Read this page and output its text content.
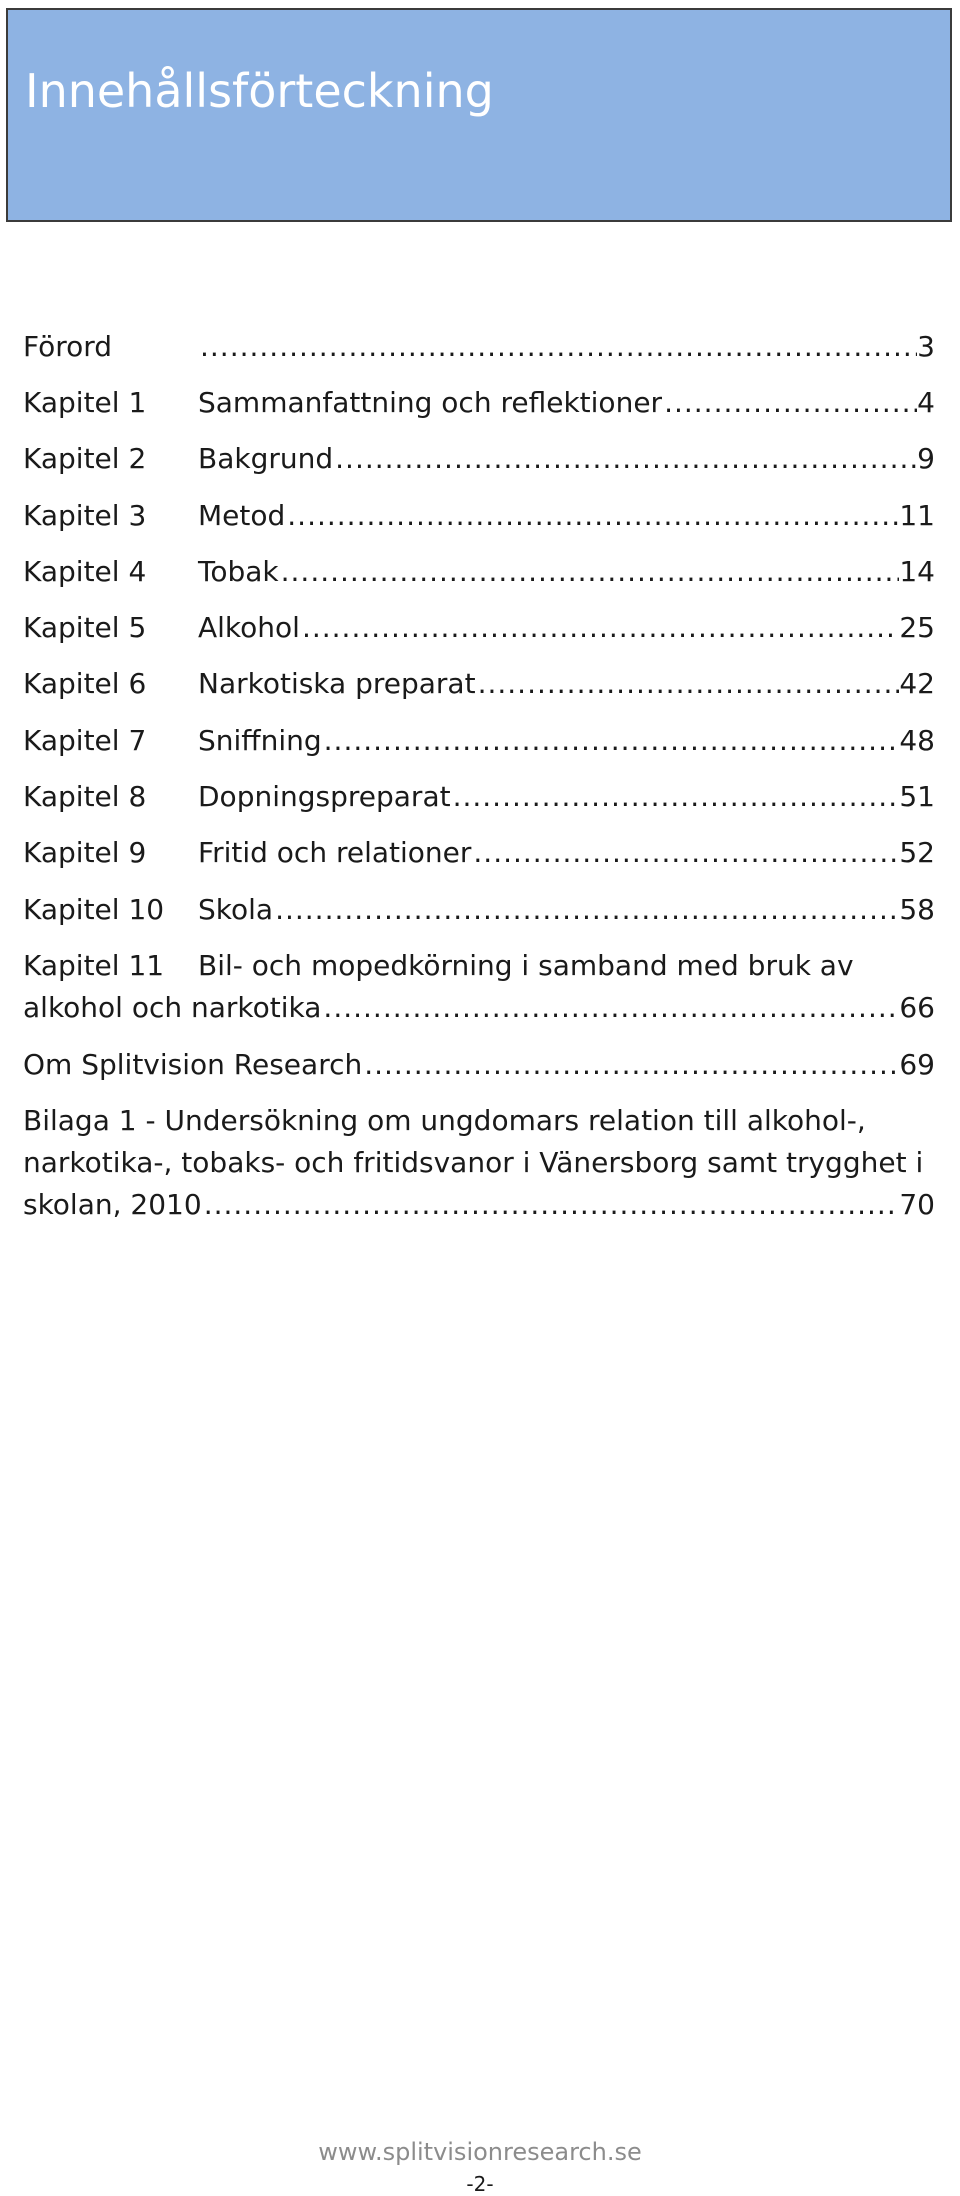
Innehållsförteckning
Förord .....	3
Kapitel 1	Sammanfattning och reflektioner .....	4
Kapitel 2	Bakgrund .....	9
Kapitel 3	Metod .....	11
Kapitel 4	Tobak .....	14
Kapitel 5	Alkohol .....	25
Kapitel 6	Narkotiska preparat .....	42
Kapitel 7	Sniffning .....	48
Kapitel 8	Dopningspreparat .....	51
Kapitel 9	Fritid och relationer .....	52
Kapitel 10	Skola .....	58
Kapitel 11	Bil- och mopedkörning i samband med bruk av
alkohol och narkotika .....	66
Om Splitvision Research .....	69
Bilaga 1 - Undersökning om ungdomars relation till alkohol-,
narkotika-, tobaks- och fritidsvanor i Vänersborg samt trygghet i
skolan, 2010 .....	70
www.splitvisionresearch.se
-2-
